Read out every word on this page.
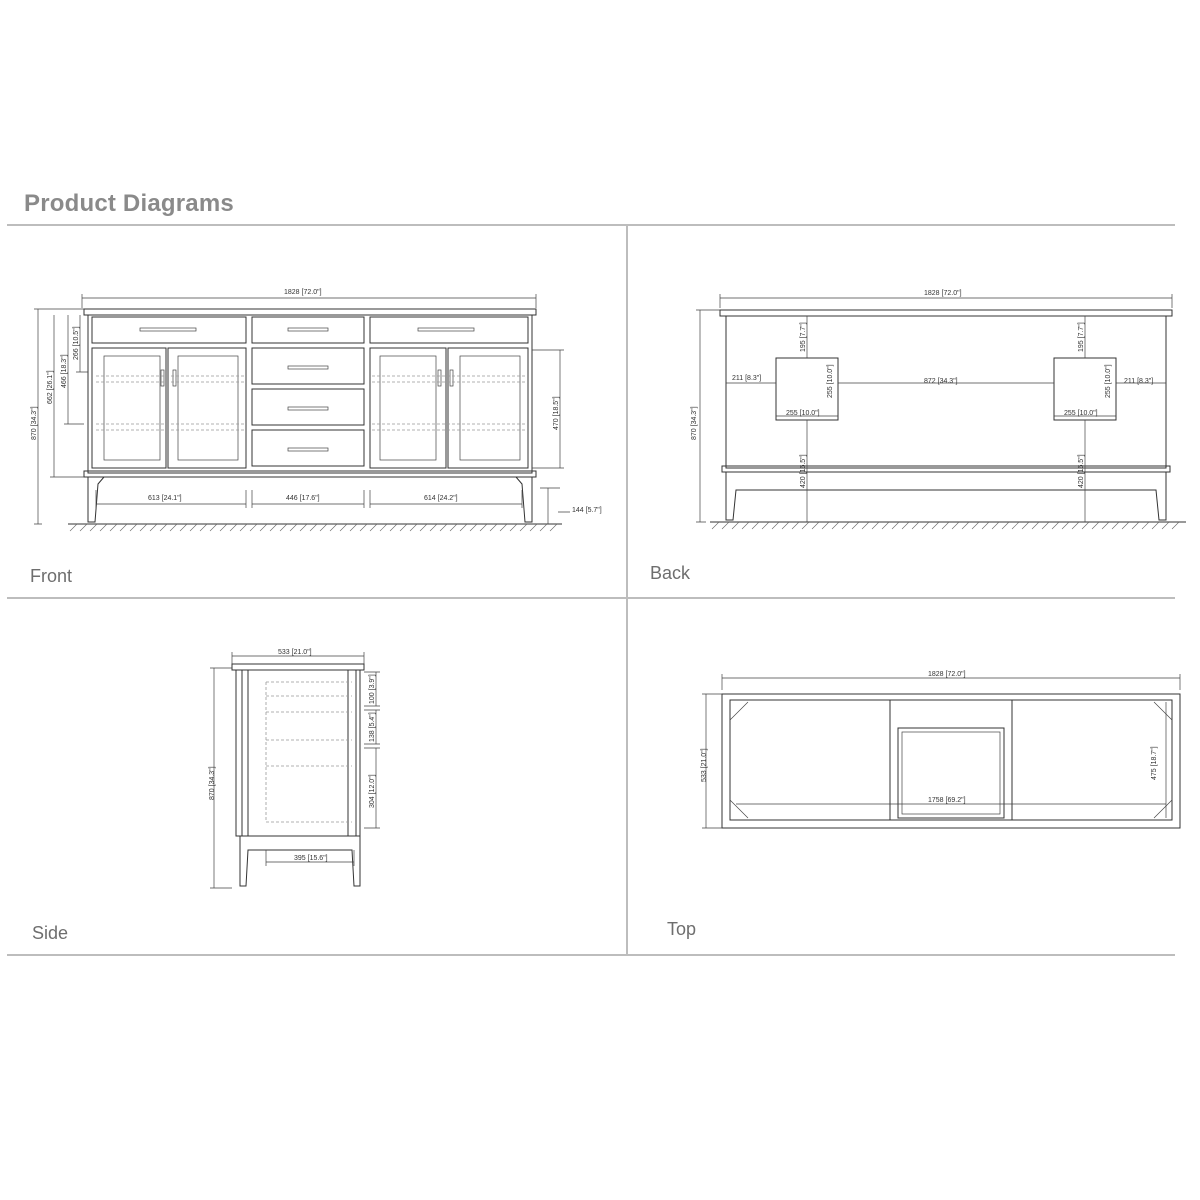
Product Diagrams
Front	Back
Side	Top
1828 [72.0"]
870 [34.3"]
662 [26.1"] 466 [18.3"]
266 [10.5"]
470 [18.5"]
613 [24.1"]	446 [17.6"]	614 [24.2"]
144 [5.7"]
1828 [72.0"]
870 [34.3"]
195 [7.7"]	195 [7.7"]
211 [8.3"]	872 [34.3"]	211 [8.3"]
255 [10.0"]	255 [10.0"]
255 [10.0"]	255 [10.0"]
420 [16.5"]	420 [16.5"]
533 [21.0"]
870 [34.3"]
100 [3.9"]
138 [5.4"]
304 [12.0"]
395 [15.6"]
1828 [72.0"]
533 [21.0"]	475 [18.7"]
1758 [69.2"]
